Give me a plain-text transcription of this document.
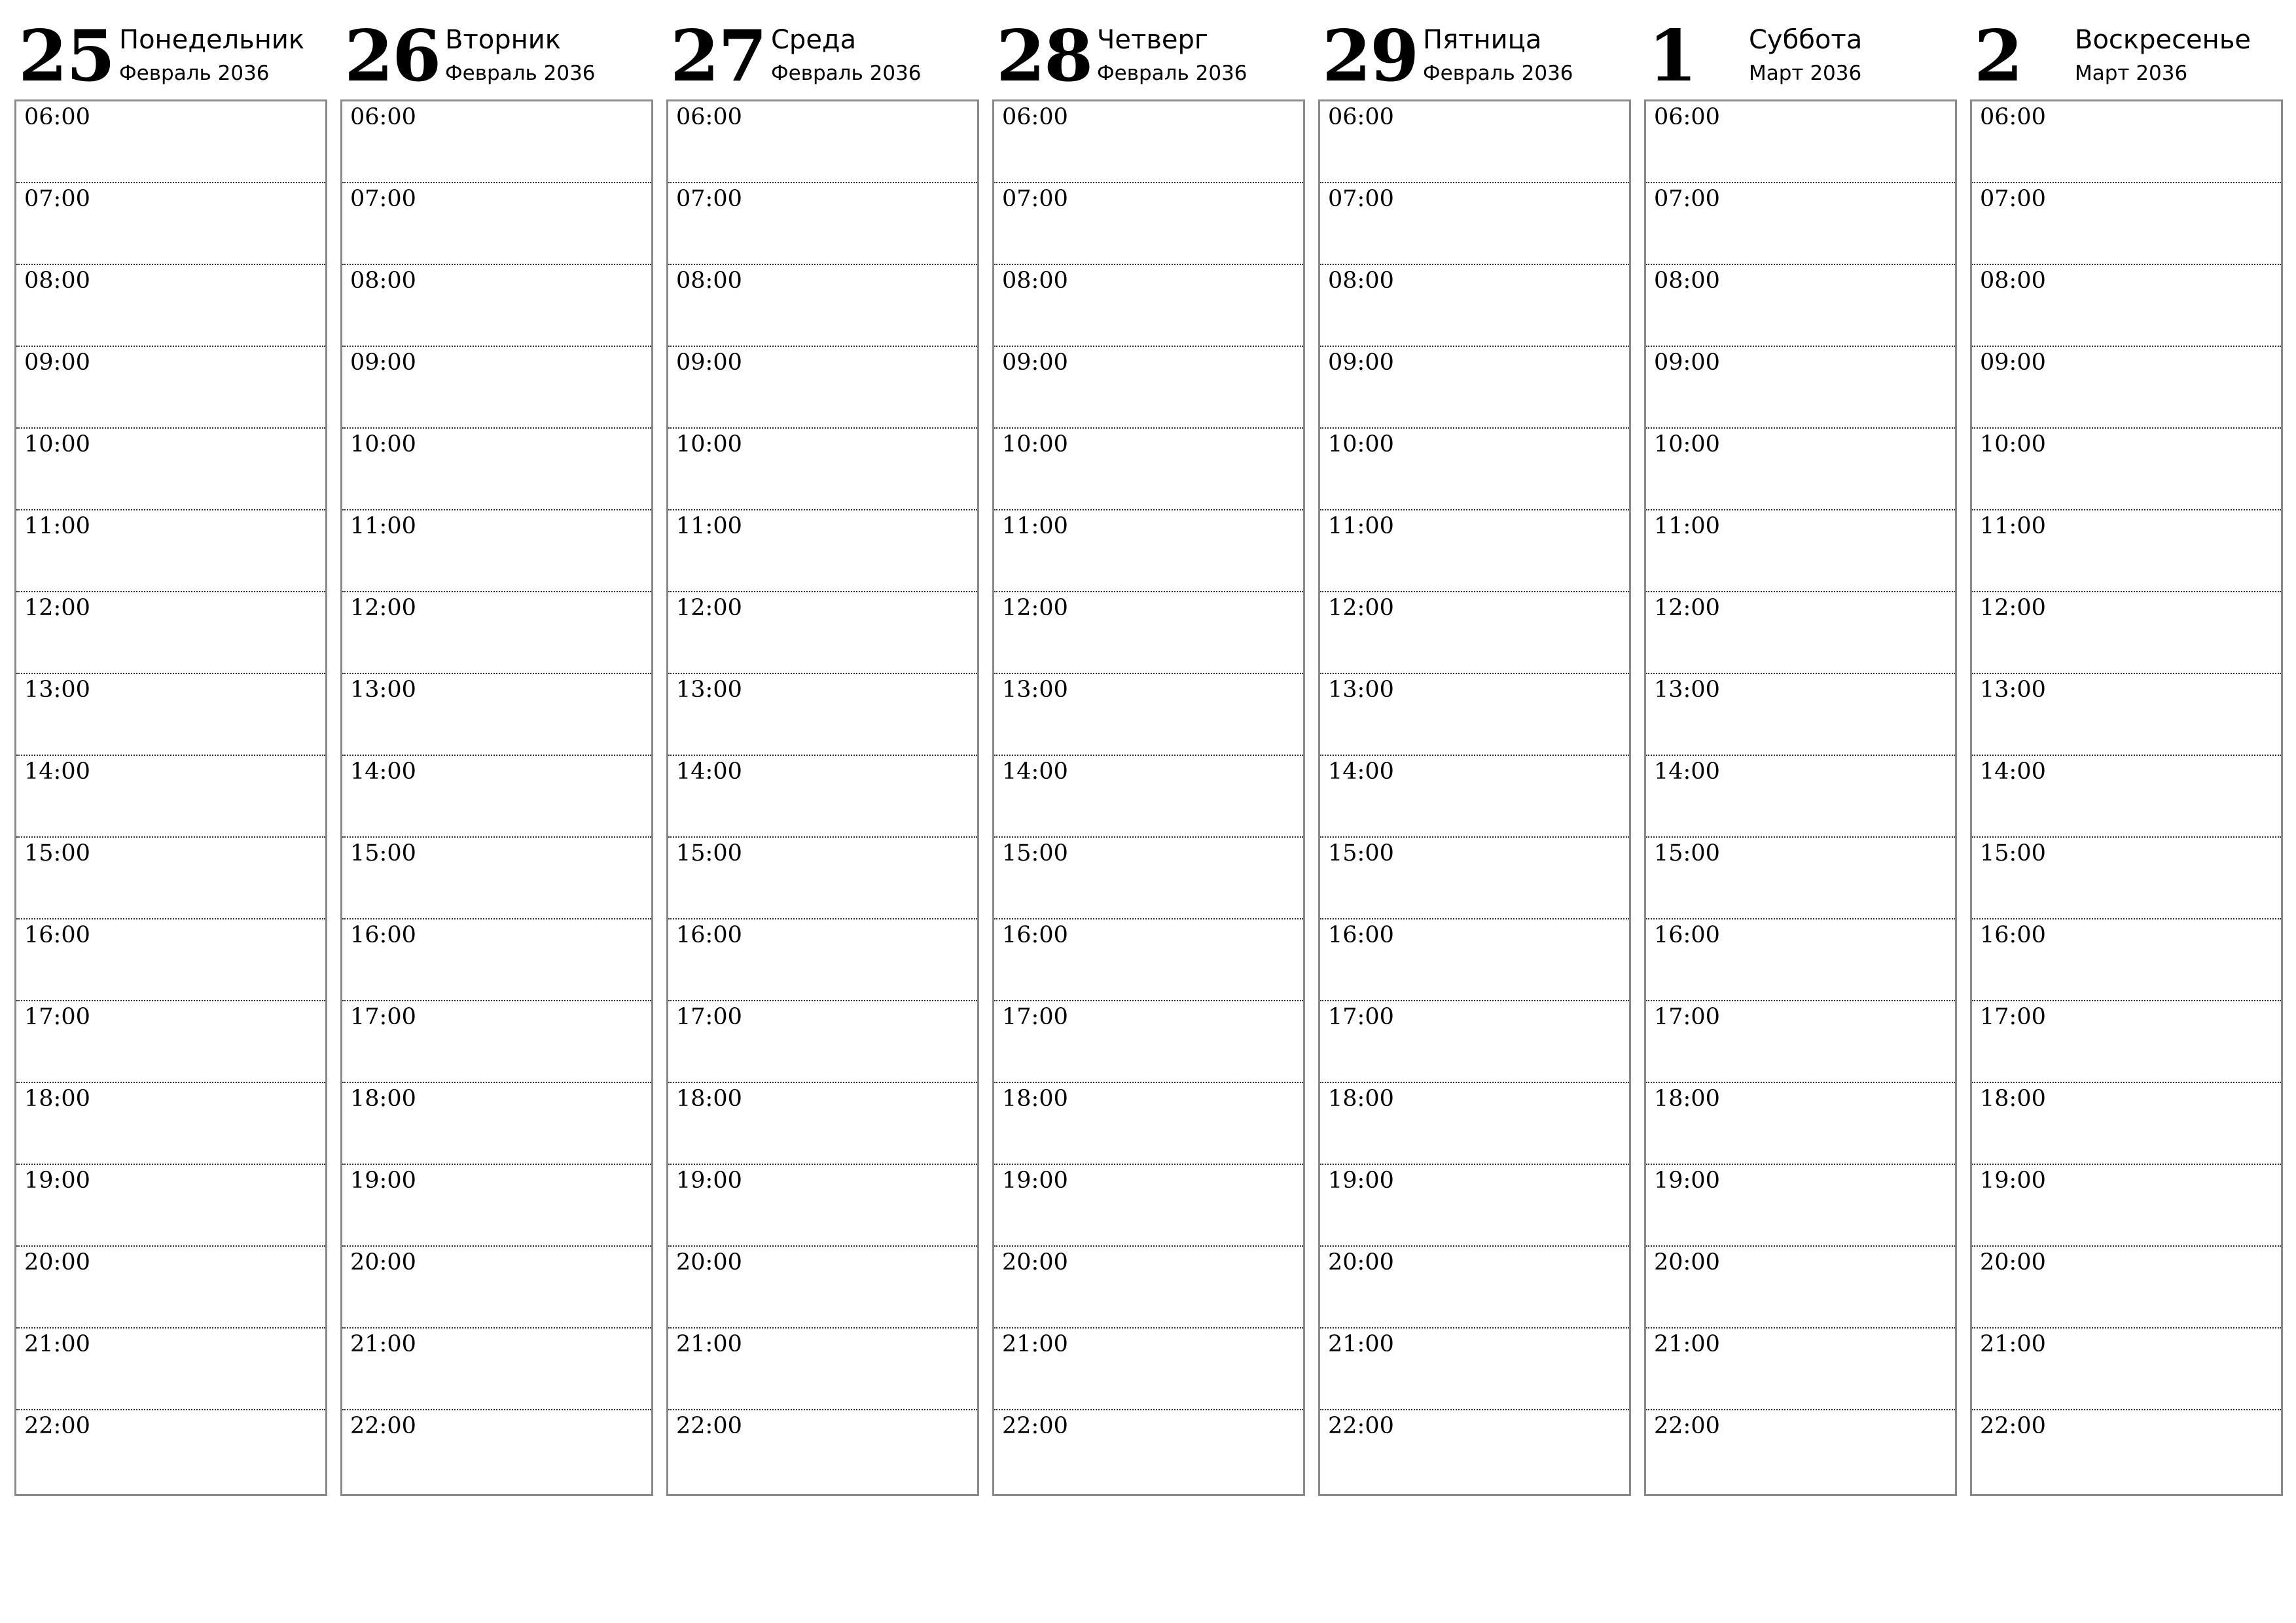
25 Понедельник
Февраль 2036
06:00
07:00
08:00
09:00
10:00
11:00
12:00
13:00
14:00
15:00
16:00
17:00
18:00
19:00
20:00
21:00
22:00
26 Вторник
Февраль 2036
06:00
07:00
08:00
09:00
10:00
11:00
12:00
13:00
14:00
15:00
16:00
17:00
18:00
19:00
20:00
21:00
22:00
27 Среда
Февраль 2036
06:00
07:00
08:00
09:00
10:00
11:00
12:00
13:00
14:00
15:00
16:00
17:00
18:00
19:00
20:00
21:00
22:00
28 Четверг
Февраль 2036
06:00
07:00
08:00
09:00
10:00
11:00
12:00
13:00
14:00
15:00
16:00
17:00
18:00
19:00
20:00
21:00
22:00
29 Пятница
Февраль 2036
06:00
07:00
08:00
09:00
10:00
11:00
12:00
13:00
14:00
15:00
16:00
17:00
18:00
19:00
20:00
21:00
22:00
1 Суббота
Март 2036
06:00
07:00
08:00
09:00
10:00
11:00
12:00
13:00
14:00
15:00
16:00
17:00
18:00
19:00
20:00
21:00
22:00
2 Воскресенье
Март 2036
06:00
07:00
08:00
09:00
10:00
11:00
12:00
13:00
14:00
15:00
16:00
17:00
18:00
19:00
20:00
21:00
22:00
